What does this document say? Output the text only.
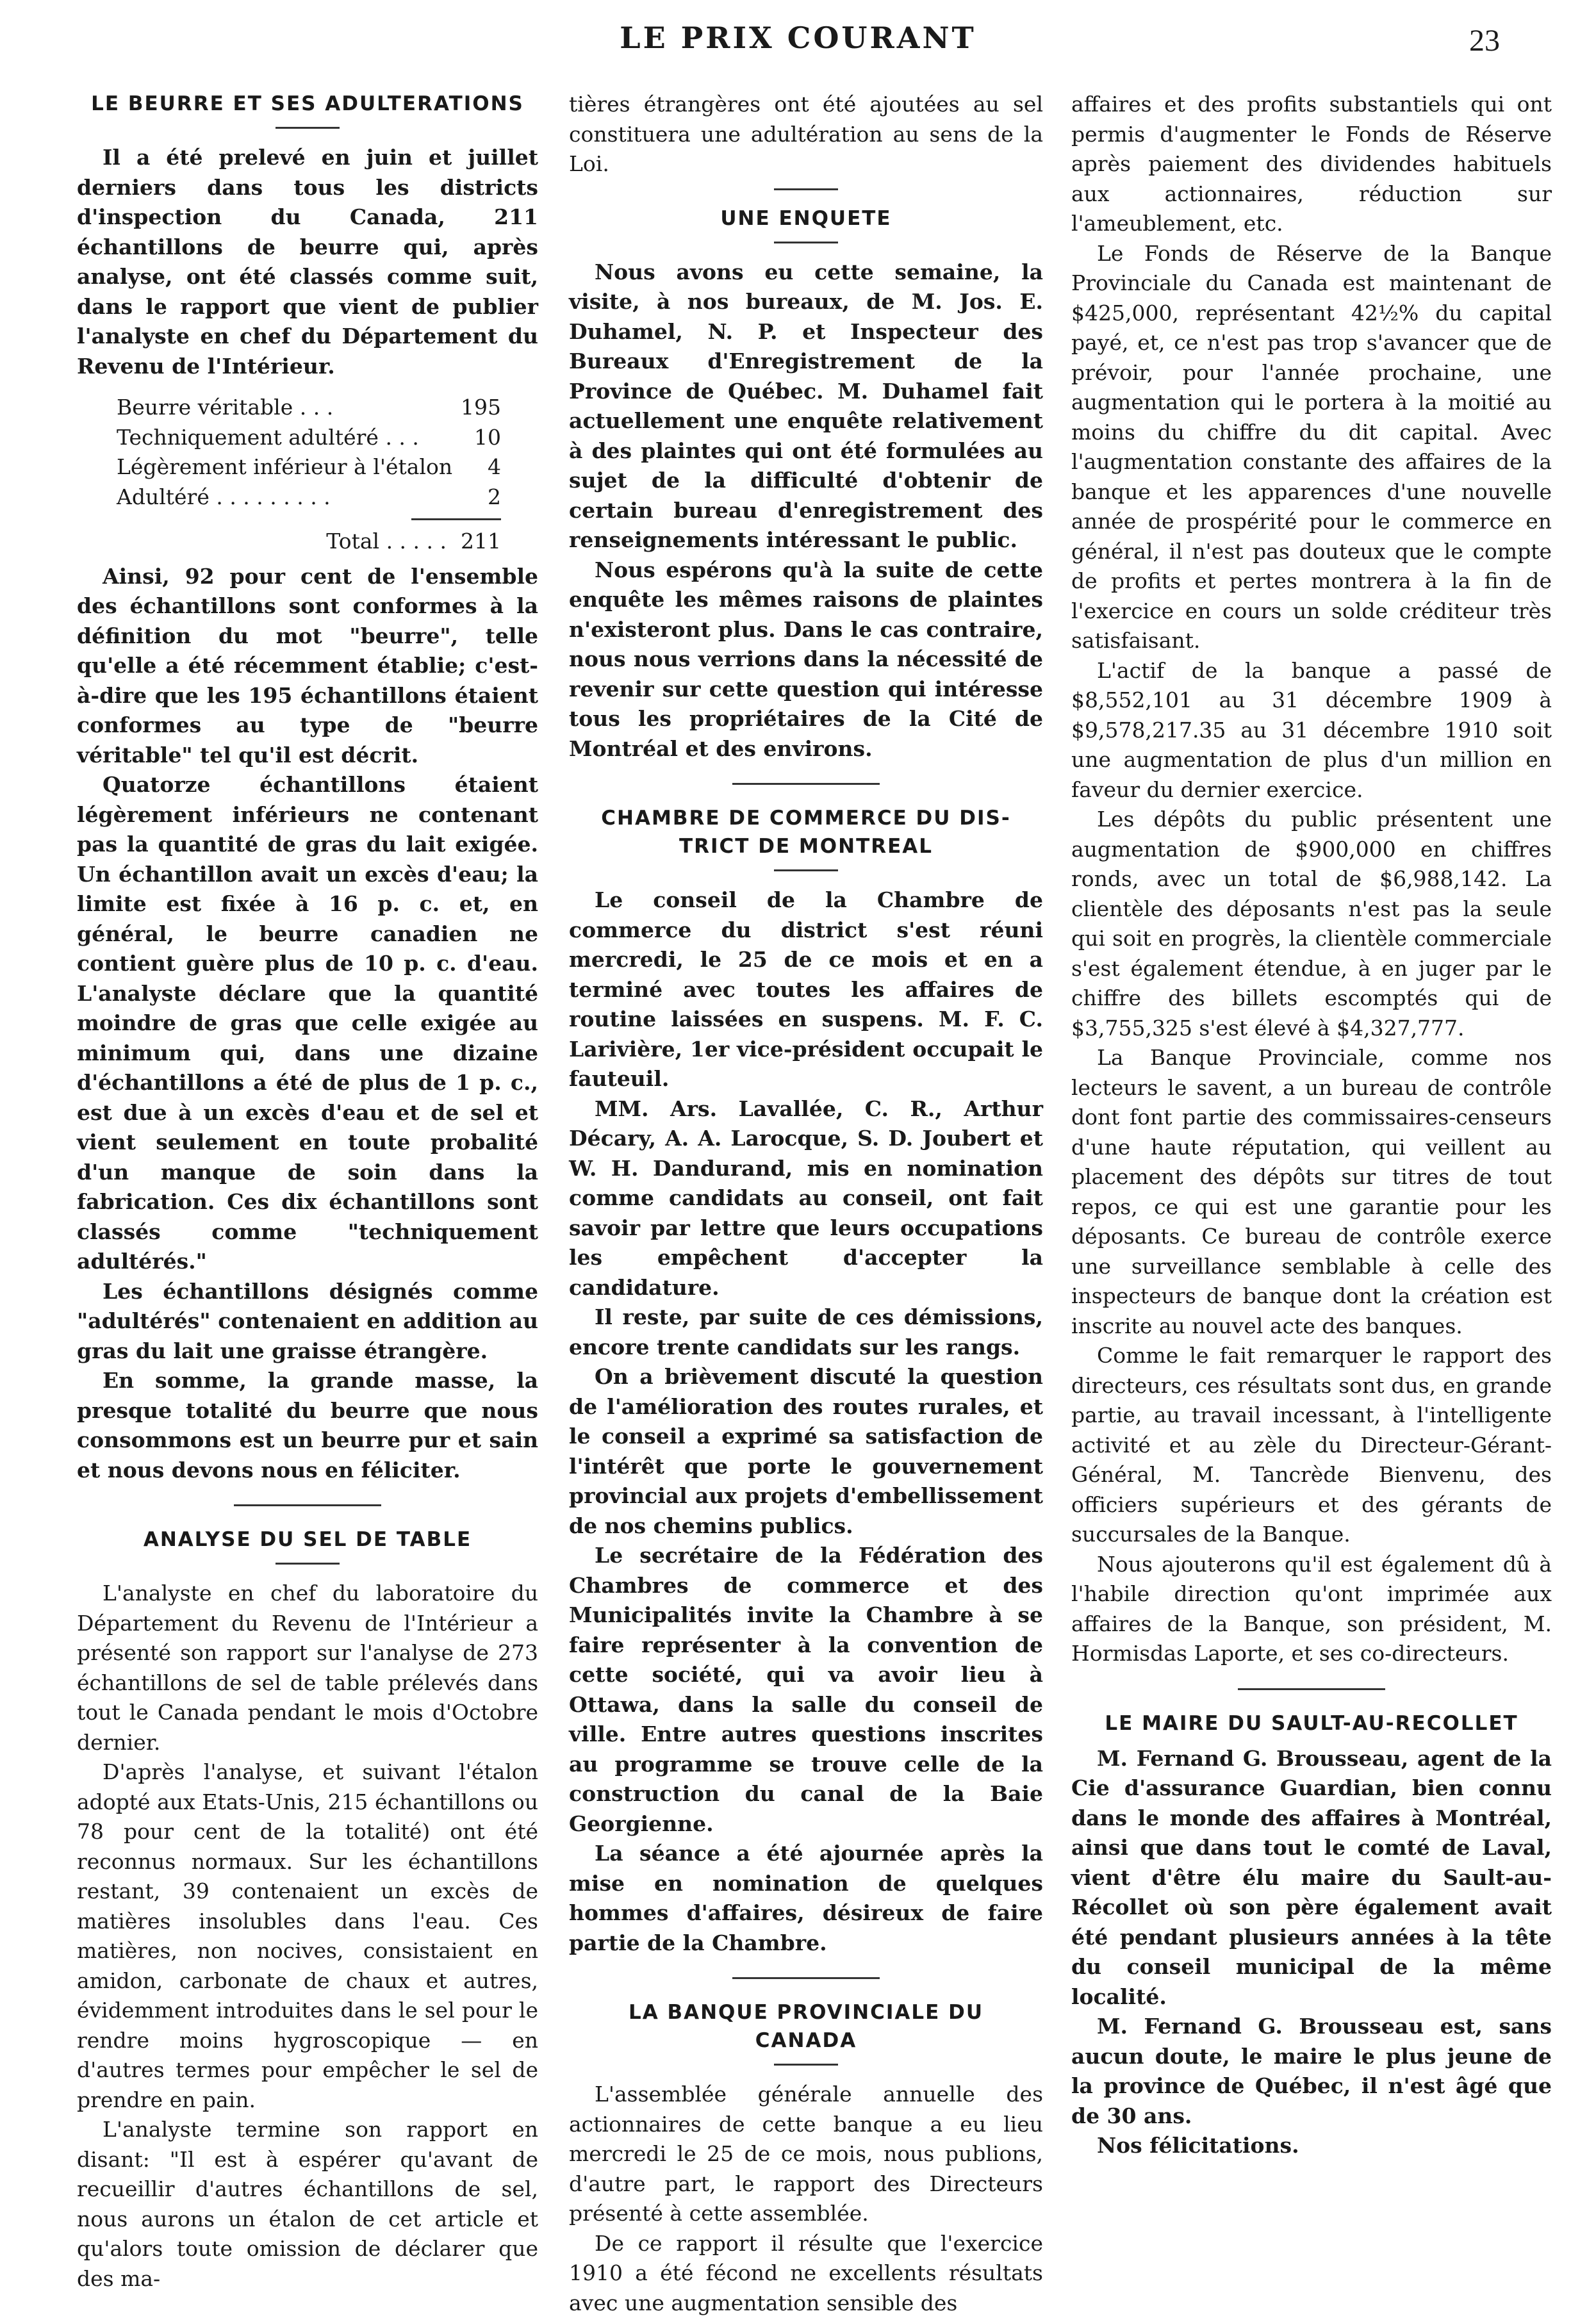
LE PRIX COURANT	23
LE BEURRE ET SES ADULTERATIONS

Il a été prelevé en juin et juillet derniers dans tous les districts d'inspection du Canada, 211 échantillons de beurre qui, après analyse, ont été classés comme suit, dans le rapport que vient de publier l'analyste en chef du Département du Revenu de l'Intérieur.

Beurre véritable . . .	195
Techniquement adultéré . . .	10
Légèrement inférieur à l'étalon 4
Adultéré . . . . . . . . .	2
Total . . . . . 211

Ainsi, 92 pour cent de l'ensemble des échantillons sont conformes à la définition du mot "beurre", telle qu'elle a été récemment établie; c'est-à-dire que les 195 échantillons étaient conformes au type de "beurre véritable" tel qu'il est décrit.

Quatorze échantillons étaient légèrement inférieurs ne contenant pas la quantité de gras du lait exigée. Un échantillon avait un excès d'eau; la limite est fixée à 16 p. c. et, en général, le beurre canadien ne contient guère plus de 10 p. c. d'eau. L'analyste déclare que la quantité moindre de gras que celle exigée au minimum qui, dans une dizaine d'échantillons a été de plus de 1 p. c., est due à un excès d'eau et de sel et vient seulement en toute probalité d'un manque de soin dans la fabrication. Ces dix échantillons sont classés comme "techniquement adultérés."

Les échantillons désignés comme "adultérés" contenaient en addition au gras du lait une graisse étrangère.

En somme, la grande masse, la presque totalité du beurre que nous consommons est un beurre pur et sain et nous devons nous en féliciter.

ANALYSE DU SEL DE TABLE

L'analyste en chef du laboratoire du Département du Revenu de l'Intérieur a présenté son rapport sur l'analyse de 273 échantillons de sel de table prélevés dans tout le Canada pendant le mois d'Octobre dernier.

D'après l'analyse, et suivant l'étalon adopté aux Etats-Unis, 215 échantillons ou 78 pour cent de la totalité) ont été reconnus normaux. Sur les échantillons restant, 39 contenaient un excès de matières insolubles dans l'eau. Ces matières, non nocives, consistaient en amidon, carbonate de chaux et autres, évidemment introduites dans le sel pour le rendre moins hygroscopique — en d'autres termes pour empêcher le sel de prendre en pain.

L'analyste termine son rapport en disant: "Il est à espérer qu'avant de recueillir d'autres échantillons de sel, nous aurons un étalon de cet article et qu'alors toute omission de déclarer que des ma-

tières étrangères ont été ajoutées au sel constituera une adultération au sens de la Loi.

UNE ENQUETE

Nous avons eu cette semaine, la visite, à nos bureaux, de M. Jos. E. Duhamel, N. P. et Inspecteur des Bureaux d'Enregistrement de la Province de Québec. M. Duhamel fait actuellement une enquête relativement à des plaintes qui ont été formulées au sujet de la difficulté d'obtenir de certain bureau d'enregistrement des renseignements intéressant le public.

Nous espérons qu'à la suite de cette enquête les mêmes raisons de plaintes n'existeront plus. Dans le cas contraire, nous nous verrions dans la nécessité de revenir sur cette question qui intéresse tous les propriétaires de la Cité de Montréal et des environs.

CHAMBRE DE COMMERCE DU DIS-
TRICT DE MONTREAL

Le conseil de la Chambre de commerce du district s'est réuni mercredi, le 25 de ce mois et en a terminé avec toutes les affaires de routine laissées en suspens. M. F. C. Larivière, 1er vice-président occupait le fauteuil.

MM. Ars. Lavallée, C. R., Arthur Décary, A. A. Larocque, S. D. Joubert et W. H. Dandurand, mis en nomination comme candidats au conseil, ont fait savoir par lettre que leurs occupations les empêchent d'accepter la candidature.

Il reste, par suite de ces démissions, encore trente candidats sur les rangs.

On a brièvement discuté la question de l'amélioration des routes rurales, et le conseil a exprimé sa satisfaction de l'intérêt que porte le gouvernement provincial aux projets d'embellissement de nos chemins publics.

Le secrétaire de la Fédération des Chambres de commerce et des Municipalités invite la Chambre à se faire représenter à la convention de cette société, qui va avoir lieu à Ottawa, dans la salle du conseil de ville. Entre autres questions inscrites au programme se trouve celle de la construction du canal de la Baie Georgienne.

La séance a été ajournée après la mise en nomination de quelques hommes d'affaires, désireux de faire partie de la Chambre.

LA BANQUE PROVINCIALE DU
CANADA

L'assemblée générale annuelle des actionnaires de cette banque a eu lieu mercredi le 25 de ce mois, nous publions, d'autre part, le rapport des Directeurs présenté à cette assemblée.

De ce rapport il résulte que l'exercice 1910 a été fécond ne excellents résultats avec une augmentation sensible des

affaires et des profits substantiels qui ont permis d'augmenter le Fonds de Réserve après paiement des dividendes habituels aux actionnaires, réduction sur l'ameublement, etc.

Le Fonds de Réserve de la Banque Provinciale du Canada est maintenant de $425,000, représentant 42½% du capital payé, et, ce n'est pas trop s'avancer que de prévoir, pour l'année prochaine, une augmentation qui le portera à la moitié au moins du chiffre du dit capital. Avec l'augmentation constante des affaires de la banque et les apparences d'une nouvelle année de prospérité pour le commerce en général, il n'est pas douteux que le compte de profits et pertes montrera à la fin de l'exercice en cours un solde créditeur très satisfaisant.

L'actif de la banque a passé de $8,552,101 au 31 décembre 1909 à $9,578,217.35 au 31 décembre 1910 soit une augmentation de plus d'un million en faveur du dernier exercice.

Les dépôts du public présentent une augmentation de $900,000 en chiffres ronds, avec un total de $6,988,142. La clientèle des déposants n'est pas la seule qui soit en progrès, la clientèle commerciale s'est également étendue, à en juger par le chiffre des billets escomptés qui de $3,755,325 s'est élevé à $4,327,777.

La Banque Provinciale, comme nos lecteurs le savent, a un bureau de contrôle dont font partie des commissaires-censeurs d'une haute réputation, qui veillent au placement des dépôts sur titres de tout repos, ce qui est une garantie pour les déposants. Ce bureau de contrôle exerce une surveillance semblable à celle des inspecteurs de banque dont la création est inscrite au nouvel acte des banques.

Comme le fait remarquer le rapport des directeurs, ces résultats sont dus, en grande partie, au travail incessant, à l'intelligente activité et au zèle du Directeur-Gérant-Général, M. Tancrède Bienvenu, des officiers supérieurs et des gérants de succursales de la Banque.

Nous ajouterons qu'il est également dû à l'habile direction qu'ont imprimée aux affaires de la Banque, son président, M. Hormisdas Laporte, et ses co-directeurs.

LE MAIRE DU SAULT-AU-RECOLLET

M. Fernand G. Brousseau, agent de la Cie d'assurance Guardian, bien connu dans le monde des affaires à Montréal, ainsi que dans tout le comté de Laval, vient d'être élu maire du Sault-au-Récollet où son père également avait été pendant plusieurs années à la tête du conseil municipal de la même localité.

M. Fernand G. Brousseau est, sans aucun doute, le maire le plus jeune de la province de Québec, il n'est âgé que de 30 ans.

Nos félicitations.
